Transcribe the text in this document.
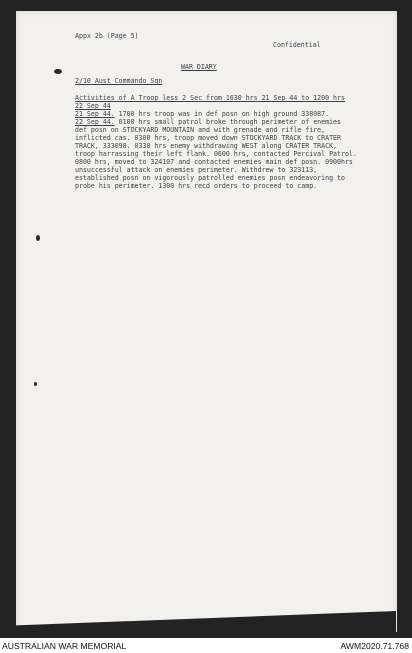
Appx 2b (Page 5)
Confidential
WAR DIARY
2/10 Aust Commando Sqn
Activities of A Troop less 2 Sec from 1630 hrs 21 Sep 44 to 1200 hrs
22 Sep 44
21 Sep 44. 1700 hrs troop was in def posn on high ground 338087.
22 Sep 44. 0100 hrs small patrol broke through perimeter of enemies
def posn on STOCKYARD MOUNTAIN and with grenade and rifle fire,
inflicted cas. 0300 hrs, troop moved down STOCKYARD TRACK to CRATER
TRACK, 333098. 0330 hrs enemy withdrawing WEST along CRATER TRACK,
troop harrassing their left flank. 0600 hrs, contacted Percival Patrol.
0800 hrs, moved to 324107 and contacted enemies main def posn. 0900hrs
unsuccessful attack on enemies perimeter. Withdrew to 323113,
established posn on vigorously patrolled enemies posn endeavoring to
probe his perimeter. 1300 hrs recd orders to proceed to camp.
AUSTRALIAN WAR MEMORIAL	AWM2020.71.768
